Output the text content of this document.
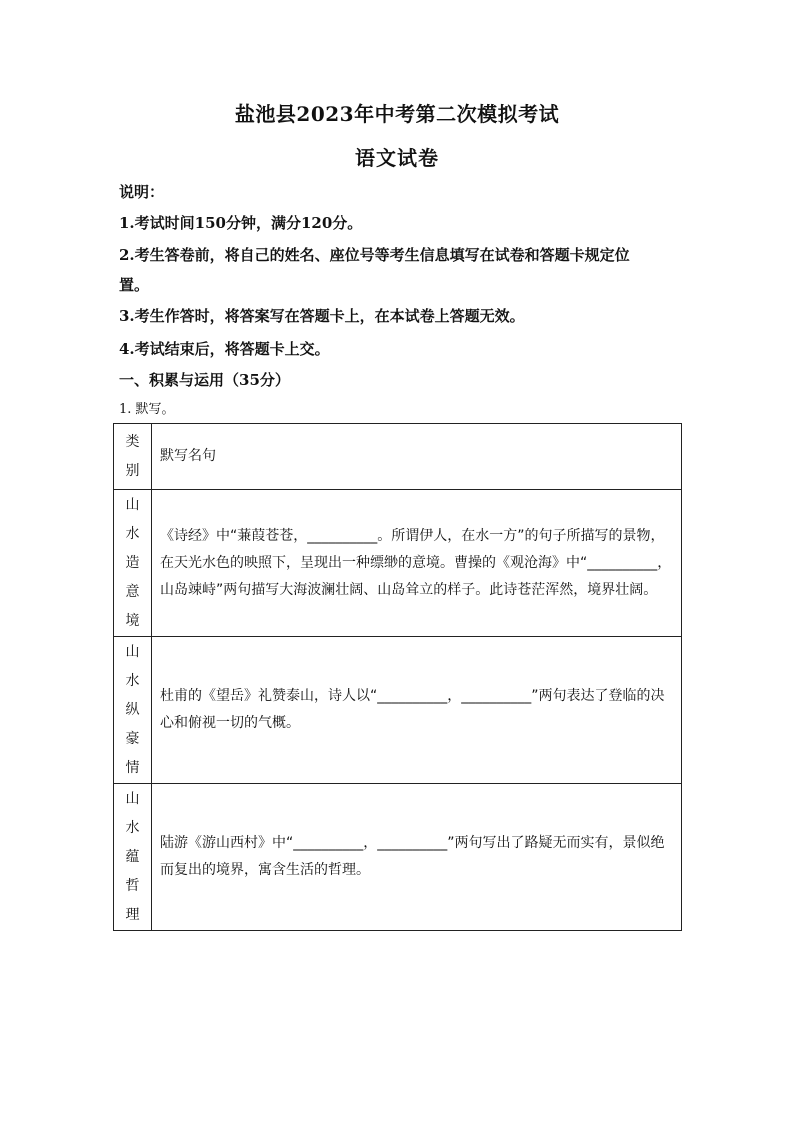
盐池县2023年中考第二次模拟考试
语文试卷
说明：
1.考试时间150分钟，满分120分。
2.考生答卷前，将自己的姓名、座位号等考生信息填写在试卷和答题卡规定位
置。
3.考生作答时，将答案写在答题卡上，在本试卷上答题无效。
4.考试结束后，将答题卡上交。
一、积累与运用（35分）
1. 默写。
类
别	默写名句

山
水
造
意
境	《诗经》中“蒹葭苍苍，__________。所谓伊人，在水一方”的句子所描写的景物，在天光水色的映照下，呈现出一种缥缈的意境。曹操的《观沧海》中“__________，山岛竦峙”两句描写大海波澜壮阔、山岛耸立的样子。此诗苍茫浑然，境界壮阔。

山
水
纵
豪
情	杜甫的《望岳》礼赞泰山，诗人以“__________，__________”两句表达了登临的决心和俯视一切的气概。

山
水
蕴
哲
理	陆游《游山西村》中“__________，__________”两句写出了路疑无而实有，景似绝而复出的境界，寓含生活的哲理。
